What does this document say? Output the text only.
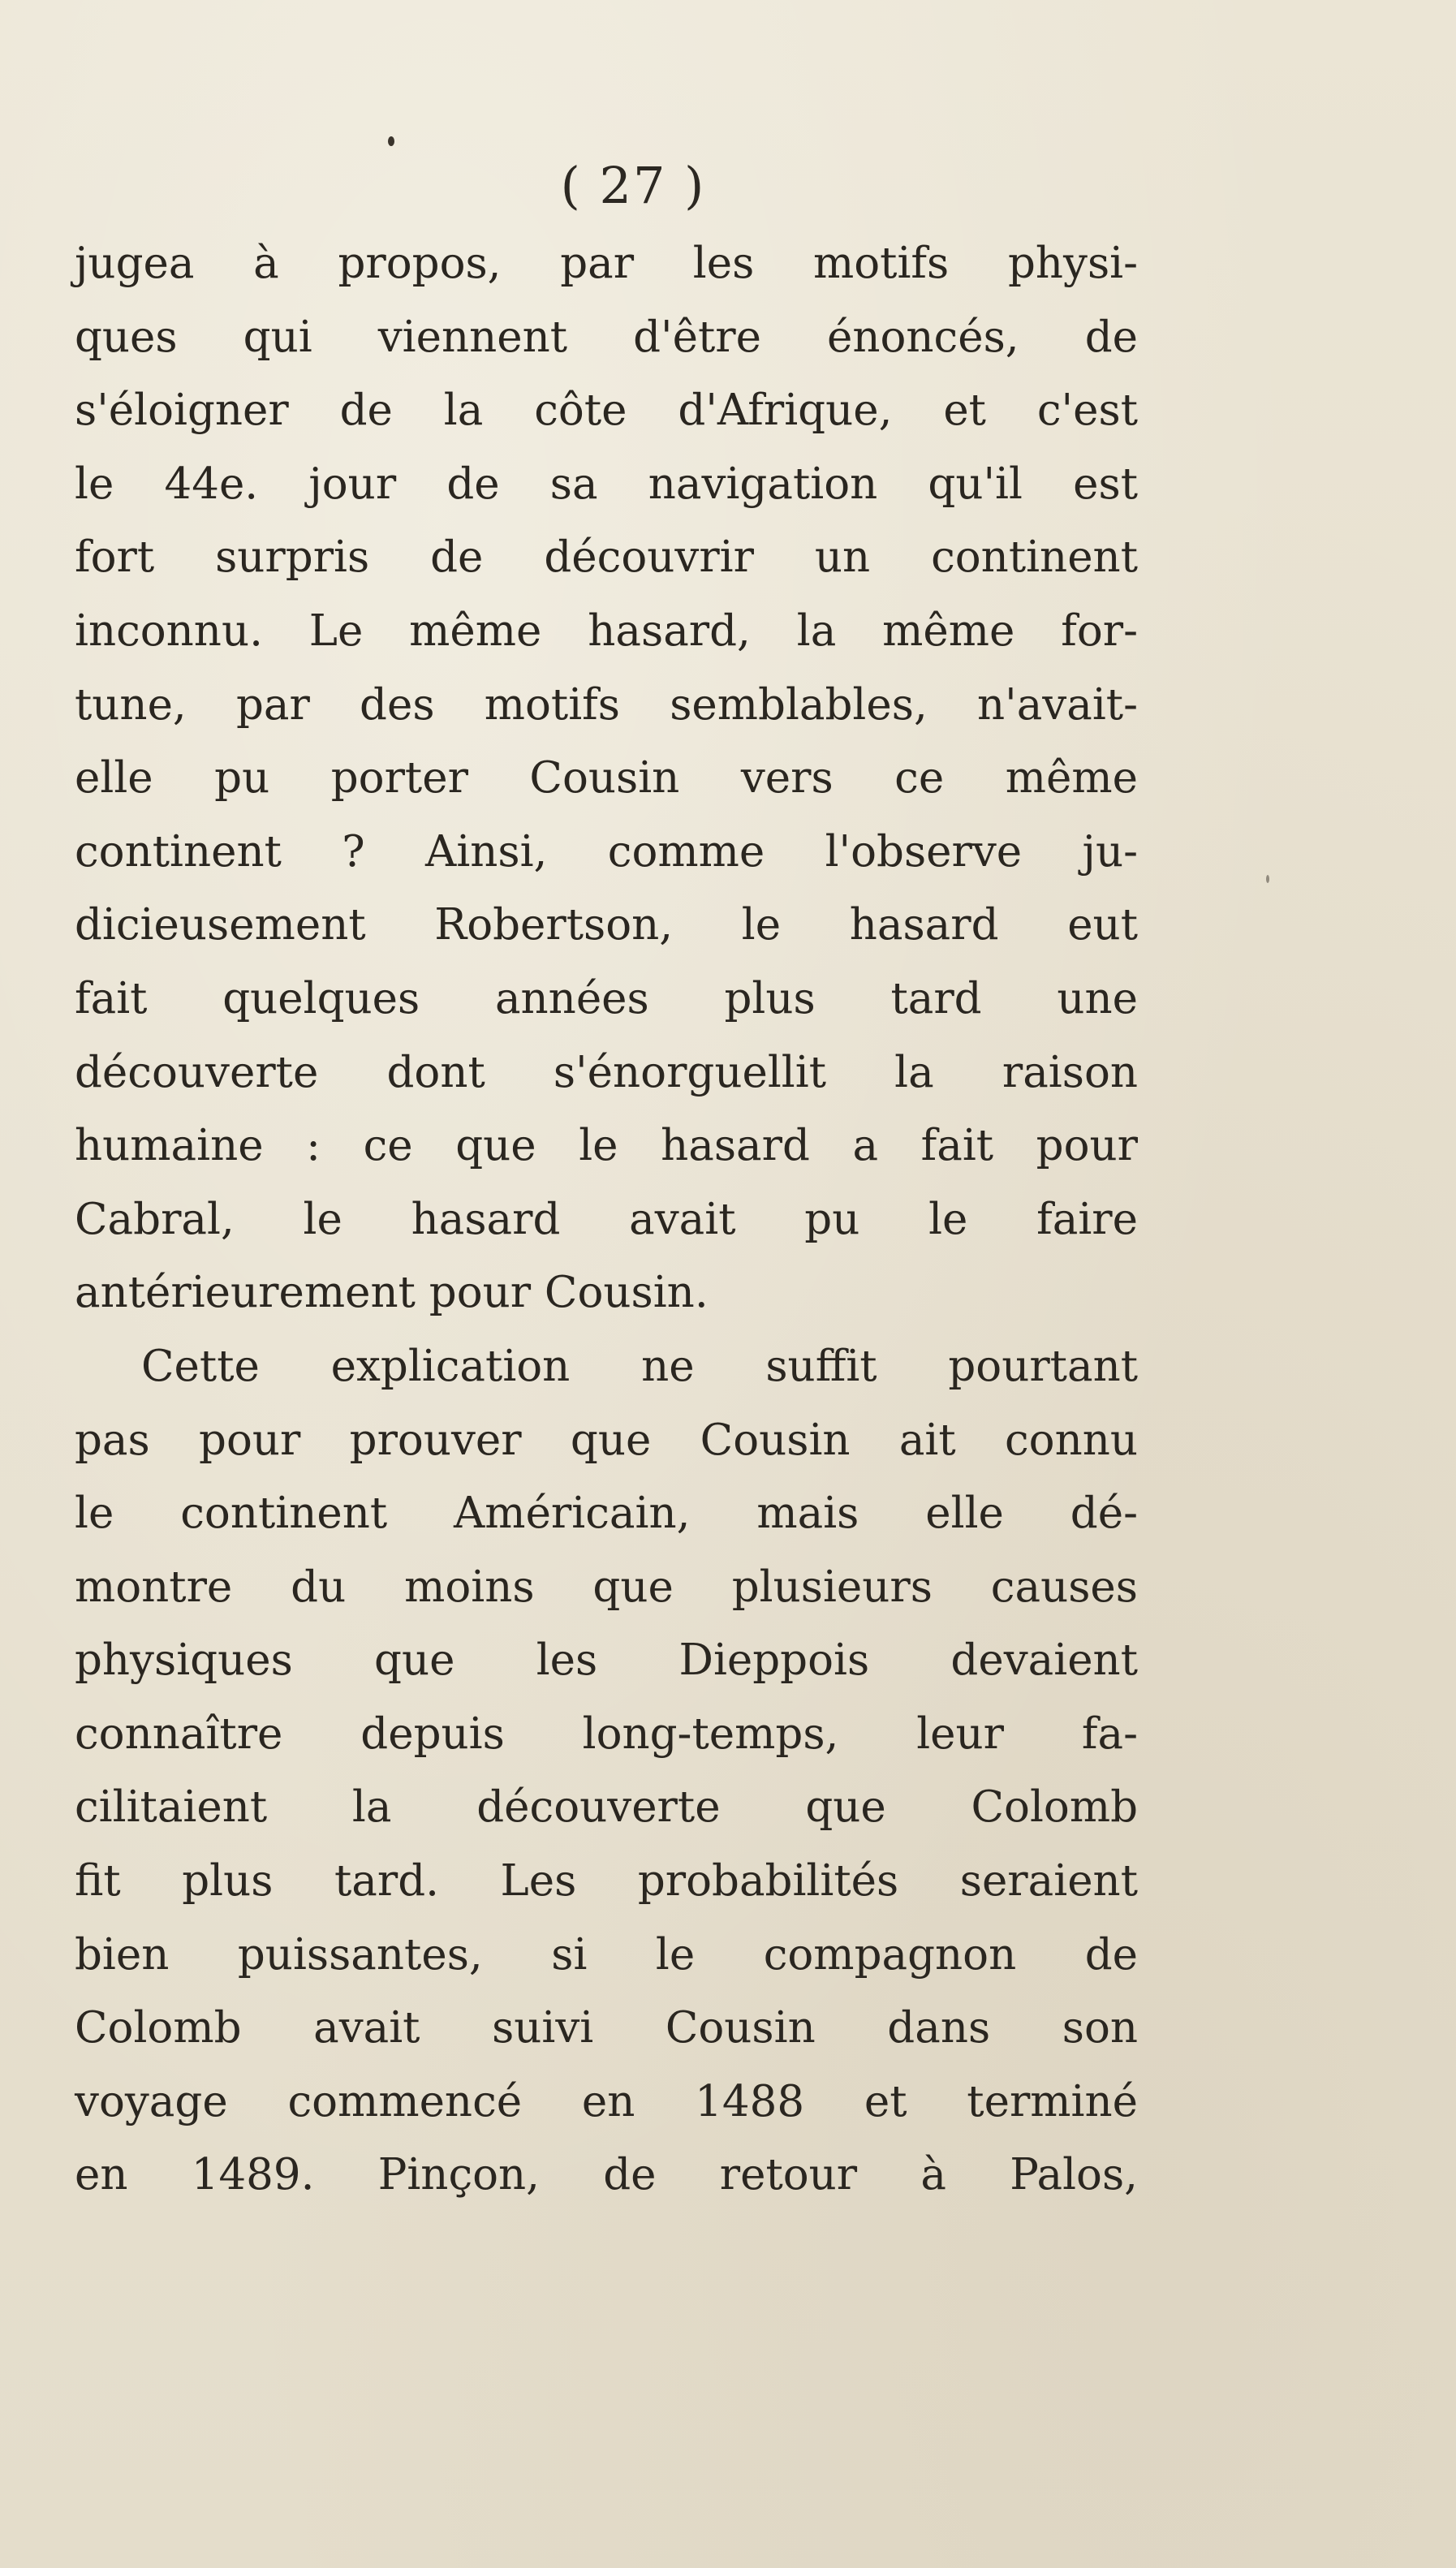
( 27 )
jugea à propos, par les motifs physi-
ques qui viennent d'être énoncés, de
s'éloigner de la côte d'Afrique, et c'est
le 44e. jour de sa navigation qu'il est
fort surpris de découvrir un continent
inconnu. Le même hasard, la même for-
tune, par des motifs semblables, n'avait-
elle pu porter Cousin vers ce même
continent ? Ainsi, comme l'observe ju-
dicieusement Robertson, le hasard eut
fait quelques années plus tard une
découverte dont s'énorguellit la raison
humaine : ce que le hasard a fait pour
Cabral, le hasard avait pu le faire
antérieurement pour Cousin.
Cette explication ne suffit pourtant
pas pour prouver que Cousin ait connu
le continent Américain, mais elle dé-
montre du moins que plusieurs causes
physiques que les Dieppois devaient
connaître depuis long-temps, leur fa-
cilitaient la découverte que Colomb
fit plus tard. Les probabilités seraient
bien puissantes, si le compagnon de
Colomb avait suivi Cousin dans son
voyage commencé en 1488 et terminé
en 1489. Pinçon, de retour à Palos,
